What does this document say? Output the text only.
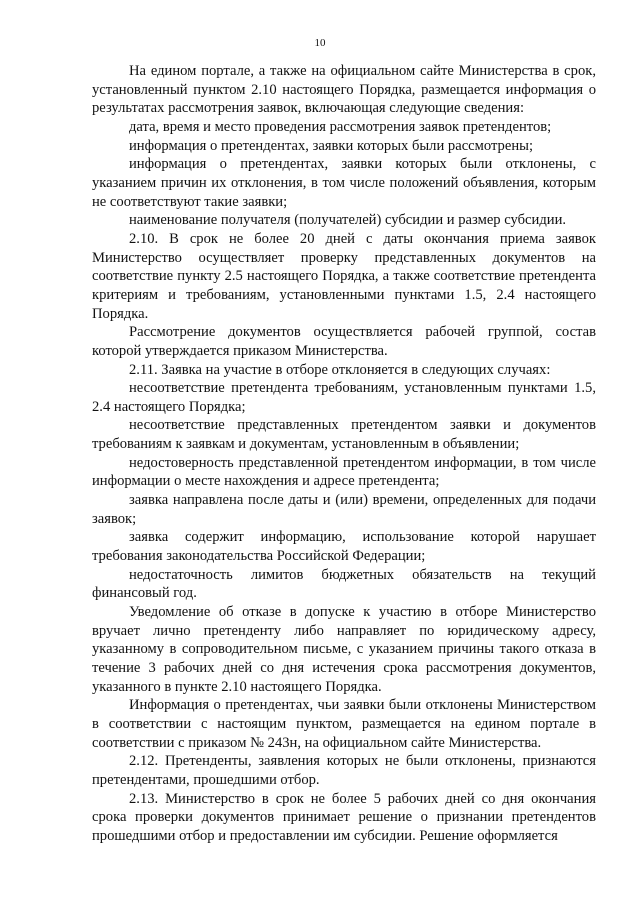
10

На едином портале, а также на официальном сайте Министерства в срок, установленный пунктом 2.10 настоящего Порядка, размещается информация о результатах рассмотрения заявок, включающая следующие сведения:

дата, время и место проведения рассмотрения заявок претендентов;

информация о претендентах, заявки которых были рассмотрены;

информация о претендентах, заявки которых были отклонены, с указанием причин их отклонения, в том числе положений объявления, которым не соответствуют такие заявки;

наименование получателя (получателей) субсидии и размер субсидии.

2.10. В срок не более 20 дней с даты окончания приема заявок Министерство осуществляет проверку представленных документов на соответствие пункту 2.5 настоящего Порядка, а также соответствие претендента критериям и требованиям, установленными пунктами 1.5, 2.4 настоящего Порядка.

Рассмотрение документов осуществляется рабочей группой, состав которой утверждается приказом Министерства.

2.11. Заявка на участие в отборе отклоняется в следующих случаях:

несоответствие претендента требованиям, установленным пунктами 1.5, 2.4 настоящего Порядка;

несоответствие представленных претендентом заявки и документов требованиям к заявкам и документам, установленным в объявлении;

недостоверность представленной претендентом информации, в том числе информации о месте нахождения и адресе претендента;

заявка направлена после даты и (или) времени, определенных для подачи заявок;

заявка содержит информацию, использование которой нарушает требования законодательства Российской Федерации;

недостаточность лимитов бюджетных обязательств на текущий финансовый год.

Уведомление об отказе в допуске к участию в отборе Министерство вручает лично претенденту либо направляет по юридическому адресу, указанному в сопроводительном письме, с указанием причины такого отказа в течение 3 рабочих дней со дня истечения срока рассмотрения документов, указанного в пункте 2.10 настоящего Порядка.

Информация о претендентах, чьи заявки были отклонены Министерством в соответствии с настоящим пунктом, размещается на едином портале в соответствии с приказом № 243н, на официальном сайте Министерства.

2.12. Претенденты, заявления которых не были отклонены, признаются претендентами, прошедшими отбор.

2.13. Министерство в срок не более 5 рабочих дней со дня окончания срока проверки документов принимает решение о признании претендентов прошедшими отбор и предоставлении им субсидии. Решение оформляется
